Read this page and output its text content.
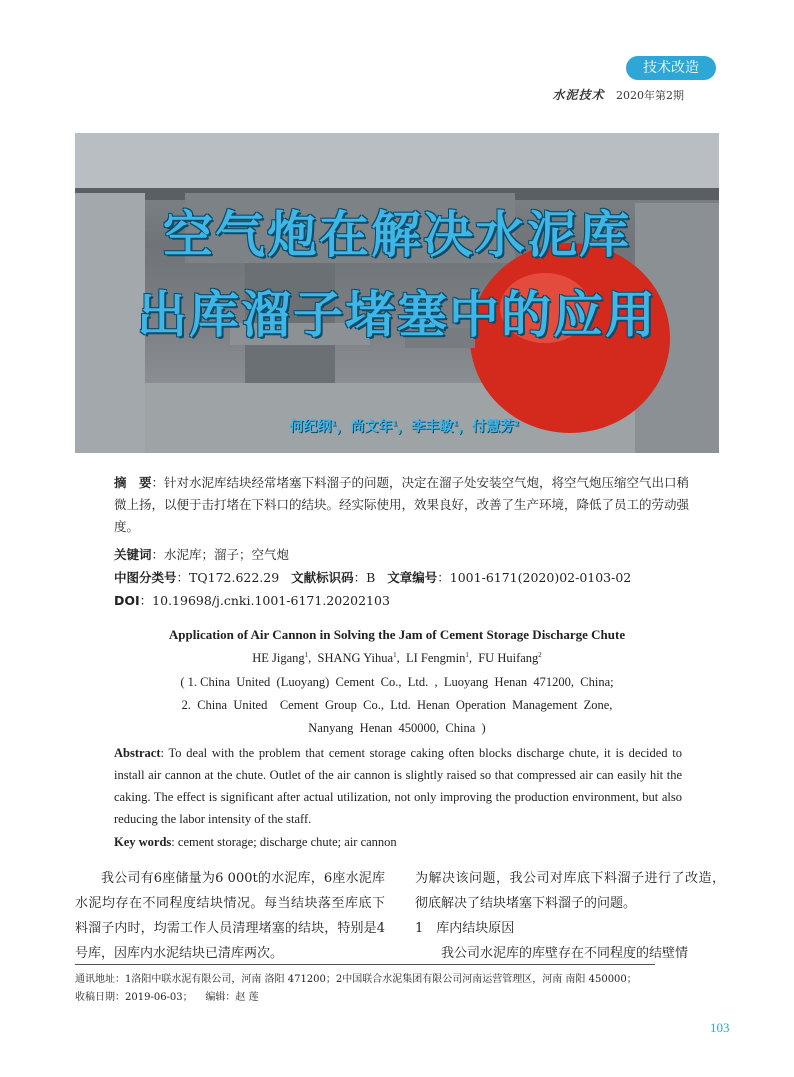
技术改造
水泥技术 2020年第2期
空气炮在解决水泥库
出库溜子堵塞中的应用
何纪纲$^1$，尚文年$^1$，李丰敏$^1$，付慧芳$^2$
摘　要：针对水泥库结块经常堵塞下料溜子的问题，决定在溜子处安装空气炮，将空气炮压缩空气出口稍微上扬，以便于击打堵在下料口的结块。经实际使用，效果良好，改善了生产环境，降低了员工的劳动强度。
关键词：水泥库；溜子；空气炮
中图分类号：TQ172.622.29 文献标识码：B 文章编号：1001-6171(2020)02-0103-02
DOI：10.19698/j.cnki.1001-6171.20202103
Application of Air Cannon in Solving the Jam of Cement Storage Discharge Chute
HE Jigang$^1$,  SHANG Yihua$^1$,  LI Fengmin$^1$,  FU Huifang$^2$
( 1. China  United  (Luoyang)  Cement  Co.,  Ltd.  ,  Luoyang  Henan  471200,  China;
2.  China  United    Cement  Group  Co.,  Ltd.  Henan  Operation  Management  Zone,
Nanyang  Henan  450000,  China  )
Abstract: To deal with the problem that cement storage caking often blocks discharge chute, it is decided to install air cannon at the chute. Outlet of the air cannon is slightly raised so that compressed air can easily hit the caking. The effect is significant after actual utilization, not only improving the production environment, but also reducing the labor intensity of the staff.
Key words: cement storage; discharge chute; air cannon
我公司有6座储量为6 000t的水泥库，6座水泥库水泥均存在不同程度结块情况。每当结块落至库底下料溜子内时，均需工作人员清理堵塞的结块，特别是4号库，因库内水泥结块已清库两次。
为解决该问题，我公司对库底下料溜子进行了改造，彻底解决了结块堵塞下料溜子的问题。
1　库内结块原因
我公司水泥库的库壁存在不同程度的结壁情
通讯地址：1洛阳中联水泥有限公司，河南 洛阳 471200；2中国联合水泥集团有限公司河南运营管理区，河南 南阳 450000；
收稿日期：2019-06-03；    编辑：赵 莲
103
